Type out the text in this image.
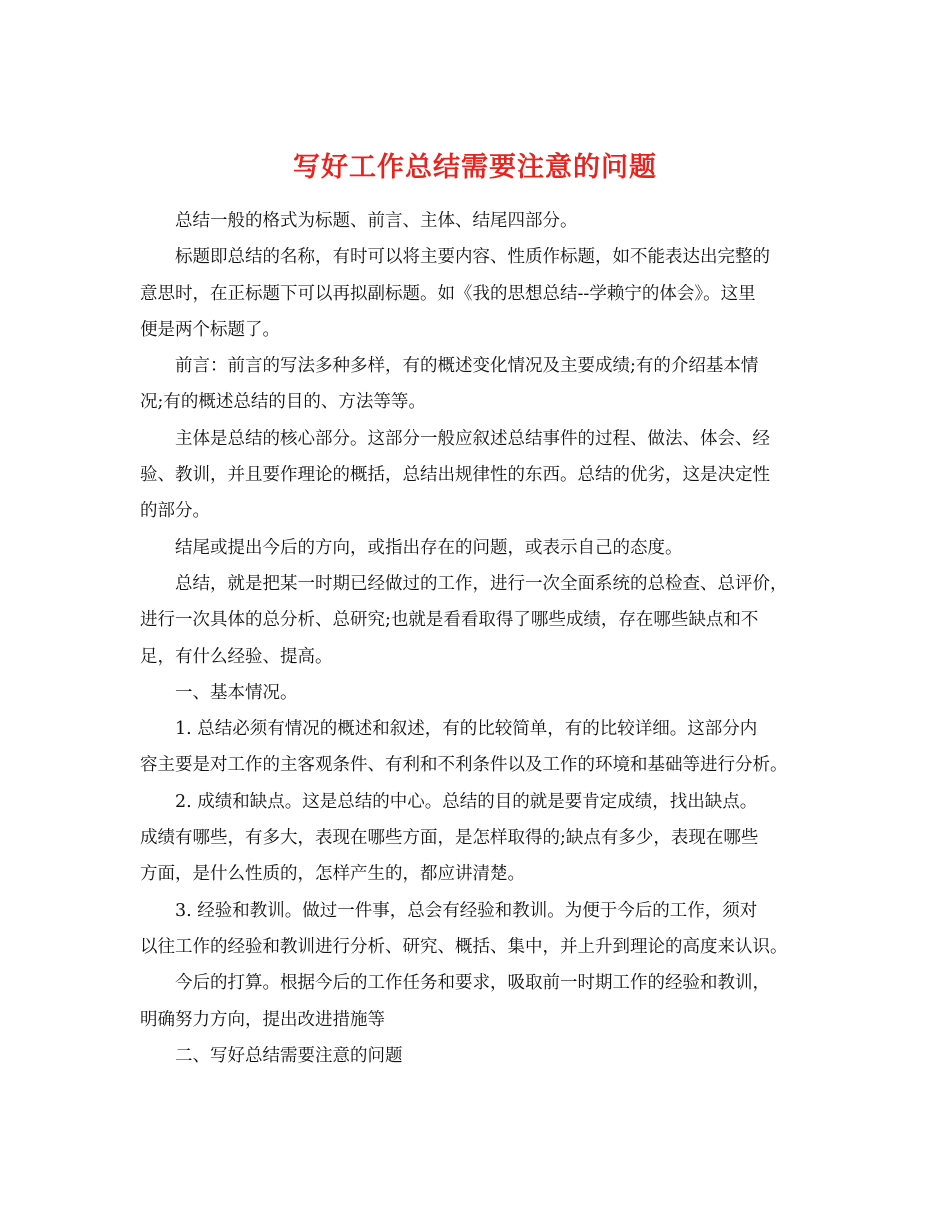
写好工作总结需要注意的问题
总结一般的格式为标题、前言、主体、结尾四部分。
标题即总结的名称，有时可以将主要内容、性质作标题，如不能表达出完整的
意思时，在正标题下可以再拟副标题。如《我的思想总结--学赖宁的体会》。这里
便是两个标题了。
前言：前言的写法多种多样，有的概述变化情况及主要成绩;有的介绍基本情
况;有的概述总结的目的、方法等等。
主体是总结的核心部分。这部分一般应叙述总结事件的过程、做法、体会、经
验、教训，并且要作理论的概括，总结出规律性的东西。总结的优劣，这是决定性
的部分。
结尾或提出今后的方向，或指出存在的问题，或表示自己的态度。
总结，就是把某一时期已经做过的工作，进行一次全面系统的总检查、总评价，
进行一次具体的总分析、总研究;也就是看看取得了哪些成绩，存在哪些缺点和不
足，有什么经验、提高。
一、基本情况。
1. 总结必须有情况的概述和叙述，有的比较简单，有的比较详细。这部分内
容主要是对工作的主客观条件、有利和不利条件以及工作的环境和基础等进行分析。
2. 成绩和缺点。这是总结的中心。总结的目的就是要肯定成绩，找出缺点。
成绩有哪些，有多大，表现在哪些方面，是怎样取得的;缺点有多少，表现在哪些
方面，是什么性质的，怎样产生的，都应讲清楚。
3. 经验和教训。做过一件事，总会有经验和教训。为便于今后的工作，须对
以往工作的经验和教训进行分析、研究、概括、集中，并上升到理论的高度来认识。
今后的打算。根据今后的工作任务和要求，吸取前一时期工作的经验和教训，
明确努力方向，提出改进措施等
二、写好总结需要注意的问题
